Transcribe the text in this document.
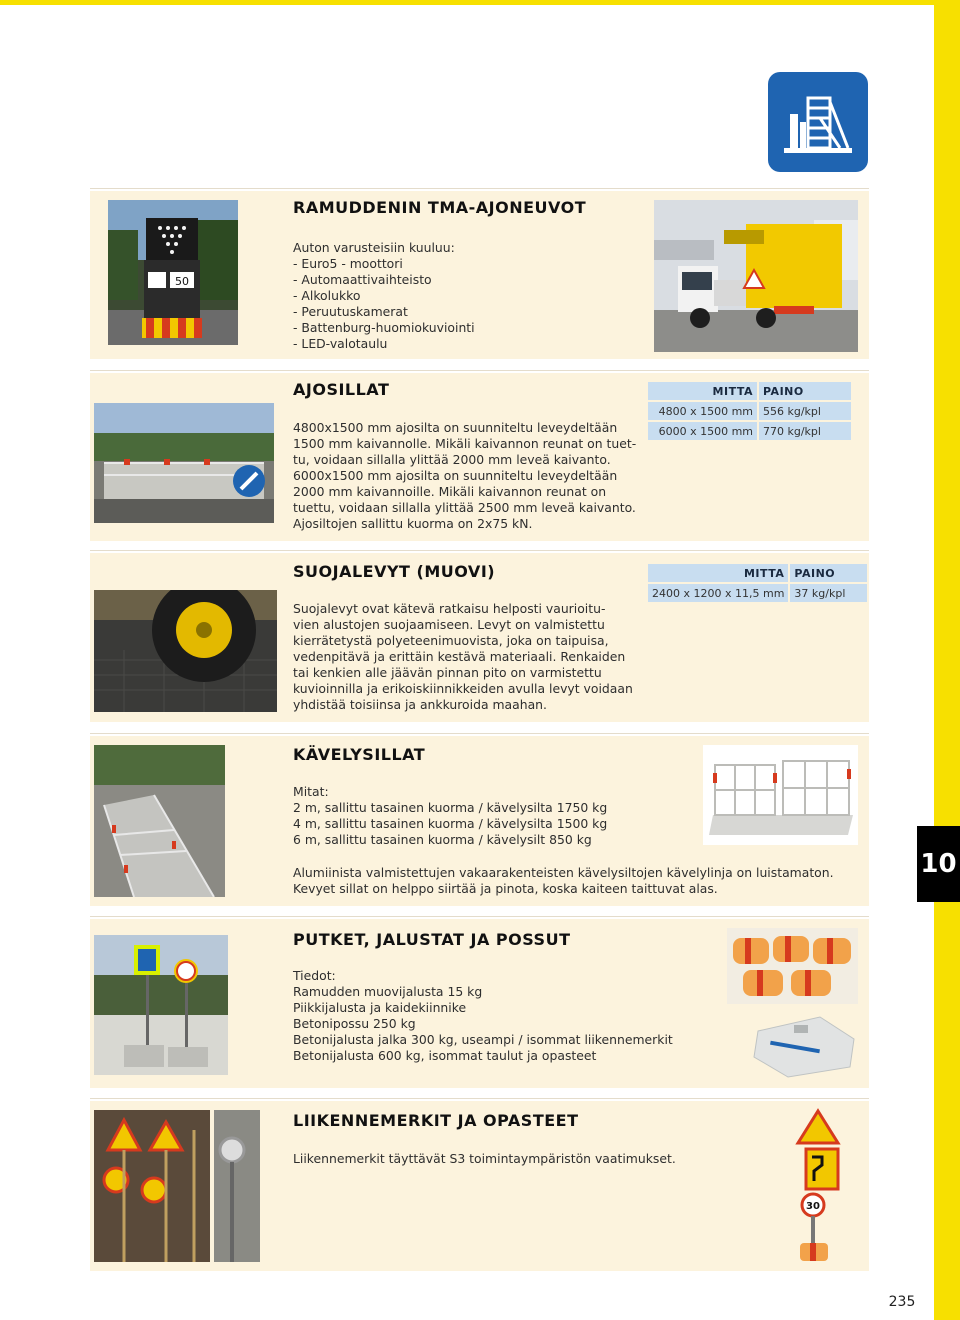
50
RAMUDDENIN TMA-AJONEUVOT
Auton varusteisiin kuuluu:
- Euro5 - moottori
- Automaattivaihteisto
- Alkolukko
- Peruutuskamerat
- Battenburg-huomiokuviointi
- LED-valotaulu
AJOSILLAT
4800x1500 mm ajosilta on suunniteltu leveydeltään
1500 mm kaivannolle. Mikäli kaivannon reunat on tuet-
tu, voidaan sillalla ylittää 2000 mm leveä kaivanto.
6000x1500 mm ajosilta on suunniteltu leveydeltään
2000 mm kaivannoille. Mikäli kaivannon reunat on
tuettu, voidaan sillalla ylittää 2500 mm leveä kaivanto.
Ajosiltojen sallittu kuorma on 2x75 kN.
MITTA	PAINO
4800 x 1500 mm	556 kg/kpl
6000 x 1500 mm	770 kg/kpl
SUOJALEVYT (MUOVI)
Suojalevyt ovat kätevä ratkaisu helposti vaurioitu-
vien alustojen suojaamiseen. Levyt on valmistettu
kierrätetystä polyeteenimuovista, joka on taipuisa,
vedenpitävä ja erittäin kestävä materiaali. Renkaiden
tai kenkien alle jäävän pinnan pito on varmistettu
kuvioinnilla ja erikoiskiinnikkeiden avulla levyt voidaan
yhdistää toisiinsa ja ankkuroida maahan.
MITTA	PAINO
2400 x 1200 x 11,5 mm	37 kg/kpl
KÄVELYSILLAT
Mitat:
2 m, sallittu tasainen kuorma / kävelysilta 1750 kg
4 m, sallittu tasainen kuorma / kävelysilta 1500 kg
6 m, sallittu tasainen kuorma / kävelysilt 850 kg
Alumiinista valmistettujen vakaarakenteisten kävelysiltojen kävelylinja on luistamaton.
Kevyet sillat on helppo siirtää ja pinota, koska kaiteen taittuvat alas.
PUTKET, JALUSTAT JA POSSUT
Tiedot:
Ramudden muovijalusta 15 kg
Piikkijalusta ja kaidekiinnike
Betonipossu 250 kg
Betonijalusta jalka 300 kg, useampi / isommat liikennemerkit
Betonijalusta 600 kg, isommat taulut ja opasteet
LIIKENNEMERKIT JA OPASTEET
Liikennemerkit täyttävät S3 toimintaympäristön vaatimukset.
30
10
235
